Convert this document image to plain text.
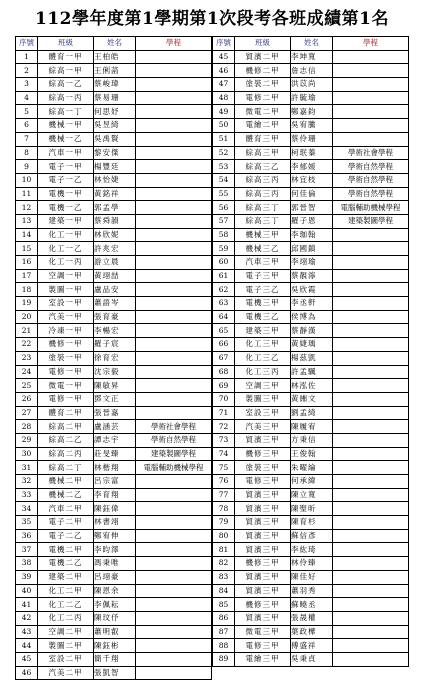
112學年度第1學期第1次段考各班成績第1名
序號	班級	姓名	學程
1	體育一甲	王柏皓	
2	綜高一甲	王俐菡	
3	綜高一乙	蔡峻瑋	
4	綜高一丙	蔡易珊	
5	綜高一丁	何思妤	
6	機械一甲	吳昱綺	
7	機械一乙	吳禹賢	
8	汽車一甲	黎安傑	
9	電子一甲	楊豐廷	
10	電子一乙	林怡婕	
11	電機一甲	黃銘祥	
12	電機一乙	郭孟學	
13	建築一甲	蔡舜韻	
14	化工一甲	林欣妮	
15	化工一乙	許兆宏	
16	化工一丙	游立晨	
17	空調一甲	黃翊喆	
18	製圖一甲	盧品安	
19	室設一甲	蕭語岑	
20	汽美一甲	張育豪	
21	冷凍一甲	李暢宏	
22	機修一甲	羅子宸	
23	塗裝一甲	徐育宏	
24	電修一甲	沈宗毅	
25	微電一甲	陳敏昇	
26	電修一甲	鄧文正	
27	體育二甲	張晉嘉	
28	綜高二甲	盧涵芸	學術社會學程
29	綜高二乙	譚志宇	學術自然學程
30	綜高二丙	莊旻臻	建築製圖學程
31	綜高二丁	林楷翔	電腦輔助機械學程
32	機械二甲	呂宗富	
33	機械二乙	李育翔	
34	汽車二甲	陳鈺偉	
35	電子二甲	林書翊	
36	電子二乙	鄭宥伸	
37	電機二甲	李昀澤	
38	電機二乙	馮秉唯	
39	建築二甲	呂翊豪	
40	化工二甲	陳恩余	
41	化工二乙	李佩耘	
42	化工二丙	陳玟伃	
43	空調二甲	蕭明叡	
44	製圖二甲	陳鈺彬	
45	室設二甲	簡千翔	
46	汽美二甲	張凱智	
序號	班級	姓名	學程
45	貿濱二甲	李坤寬	
46	機修二甲	詹志信	
47	塗裝二甲	洪苡尚	
48	電修二甲	許毓瑜	
49	微電二甲	鄭嘉鈞	
50	電繪二甲	吳宥騰	
51	體育三甲	蔡伶珊	
52	綜高三甲	柯珉蓁	學術社會學程
53	綜高三乙	李郁媛	學術自然學程
54	綜高三丙	林宜枝	學術自然學程
55	綜高三丙	何佳倫	學術自然學程
56	綜高三丁	郭晉智	電腦輔助機械學程
57	綜高三丁	羅子恩	建築製圖學程
58	機械三甲	李珈翰	
59	機械三乙	邱國鎮	
60	汽車三甲	李翊瑜	
61	電子三甲	蔡靚濘	
62	電子三乙	吳欣霞	
63	電機三甲	李丞軒	
64	電機三乙	侯博為	
65	建築三甲	蔡靜漢	
66	化工三甲	黃婕瑀	
67	化工三乙	楊茲凱	
68	化工三丙	許孟颿	
69	空調三甲	林泓佐	
70	製圖三甲	黃緗文	
71	室設三甲	劉孟綺	
72	汽美三甲	陳履宥	
73	貿濱三甲	方秉信	
74	機修三甲	王俊翰	
75	塗裝三甲	朱曜綸	
76	電修三甲	何承緯	
77	貿濱三甲	陳立寬	
78	貿濱三甲	陳聖昕	
79	貿濱三甲	陳育杉	
80	貿濱三甲	蘇信彥	
81	貿濱三甲	李紘琦	
82	機修三甲	林伶臻	
83	貿濱三甲	陳佳好	
84	貿濱三甲	蕭羽秀	
85	機修三甲	蘇曉丞	
86	貿濱三甲	張晟權	
87	微電三甲	葉政樺	
88	電修三甲	傅盛祥	
89	電繪三甲	吳秉貞	
